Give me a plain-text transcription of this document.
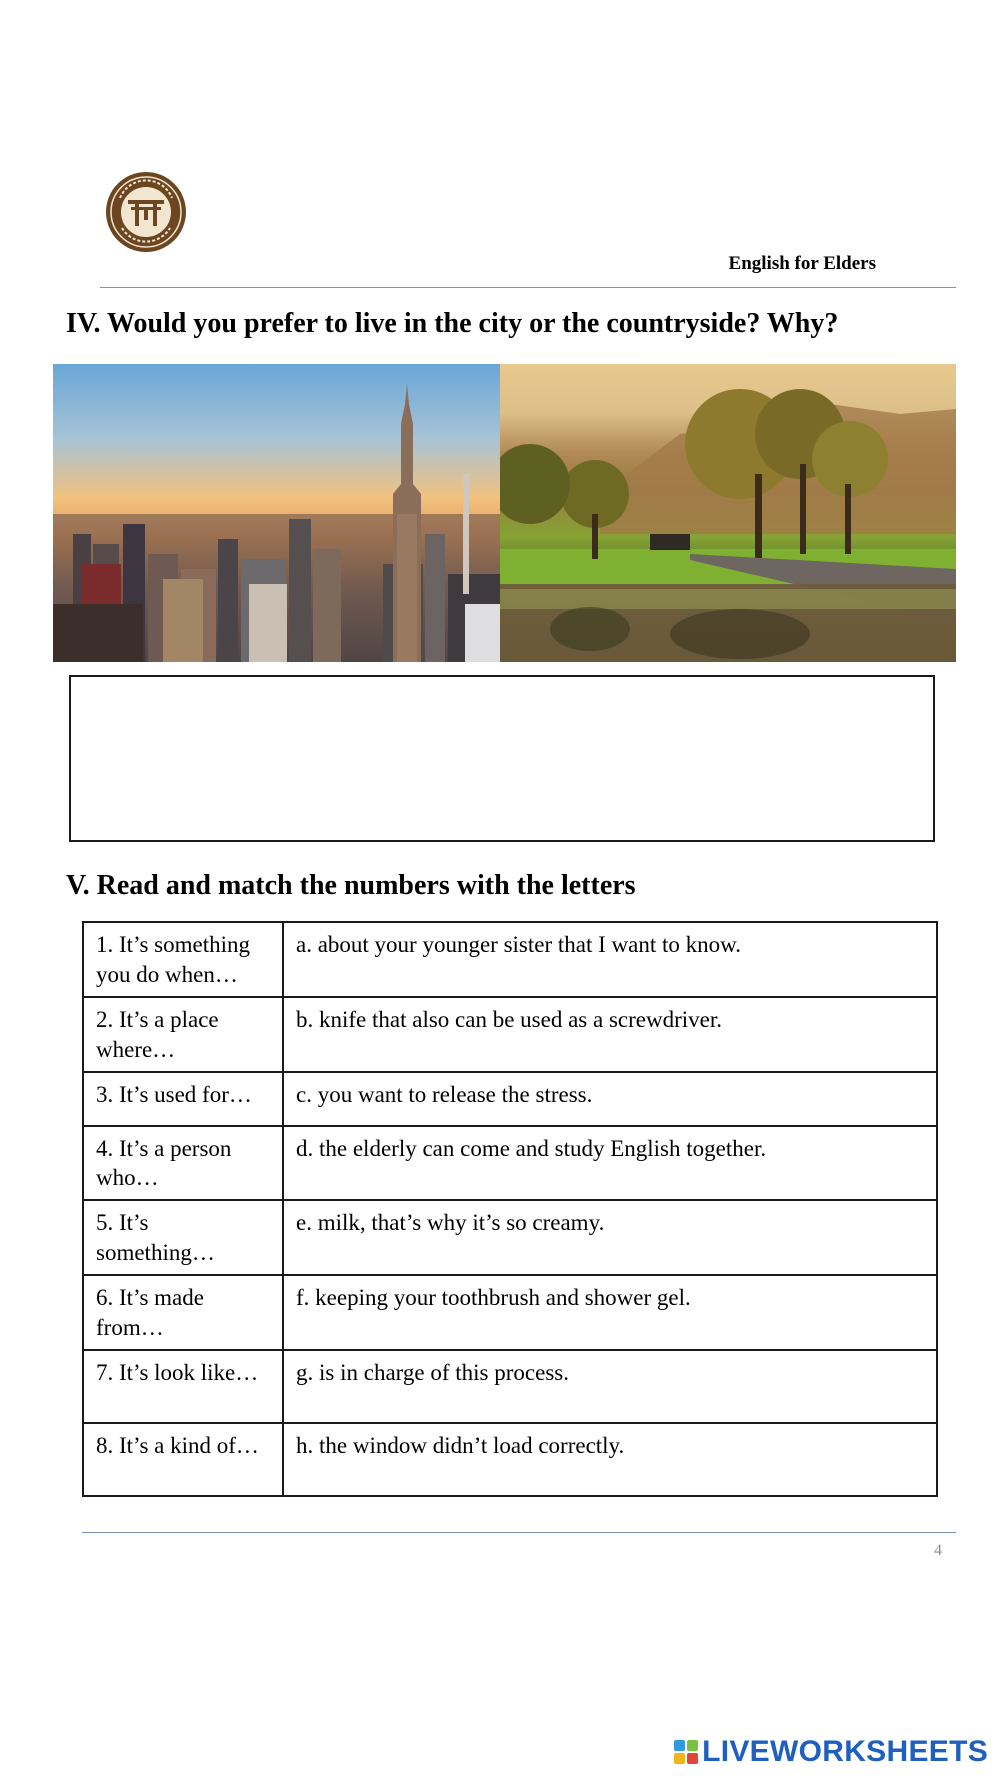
English for Elders
IV. Would you prefer to live in the city or the countryside? Why?
V. Read and match the numbers with the letters
1. It’s something you do when…	a. about your younger sister that I want to know.
2. It’s a place where…	b. knife that also can be used as a screwdriver.
3. It’s used for…	c. you want to release the stress.
4. It’s a person who…	d. the elderly can come and study English together.
5. It’s something…	e. milk, that’s why it’s so creamy.
6. It’s made from…	f. keeping your toothbrush and shower gel.
7. It’s look like…	g. is in charge of this process.
8. It’s a kind of…	h. the window didn’t load correctly.
4
LIVEWORKSHEETS
